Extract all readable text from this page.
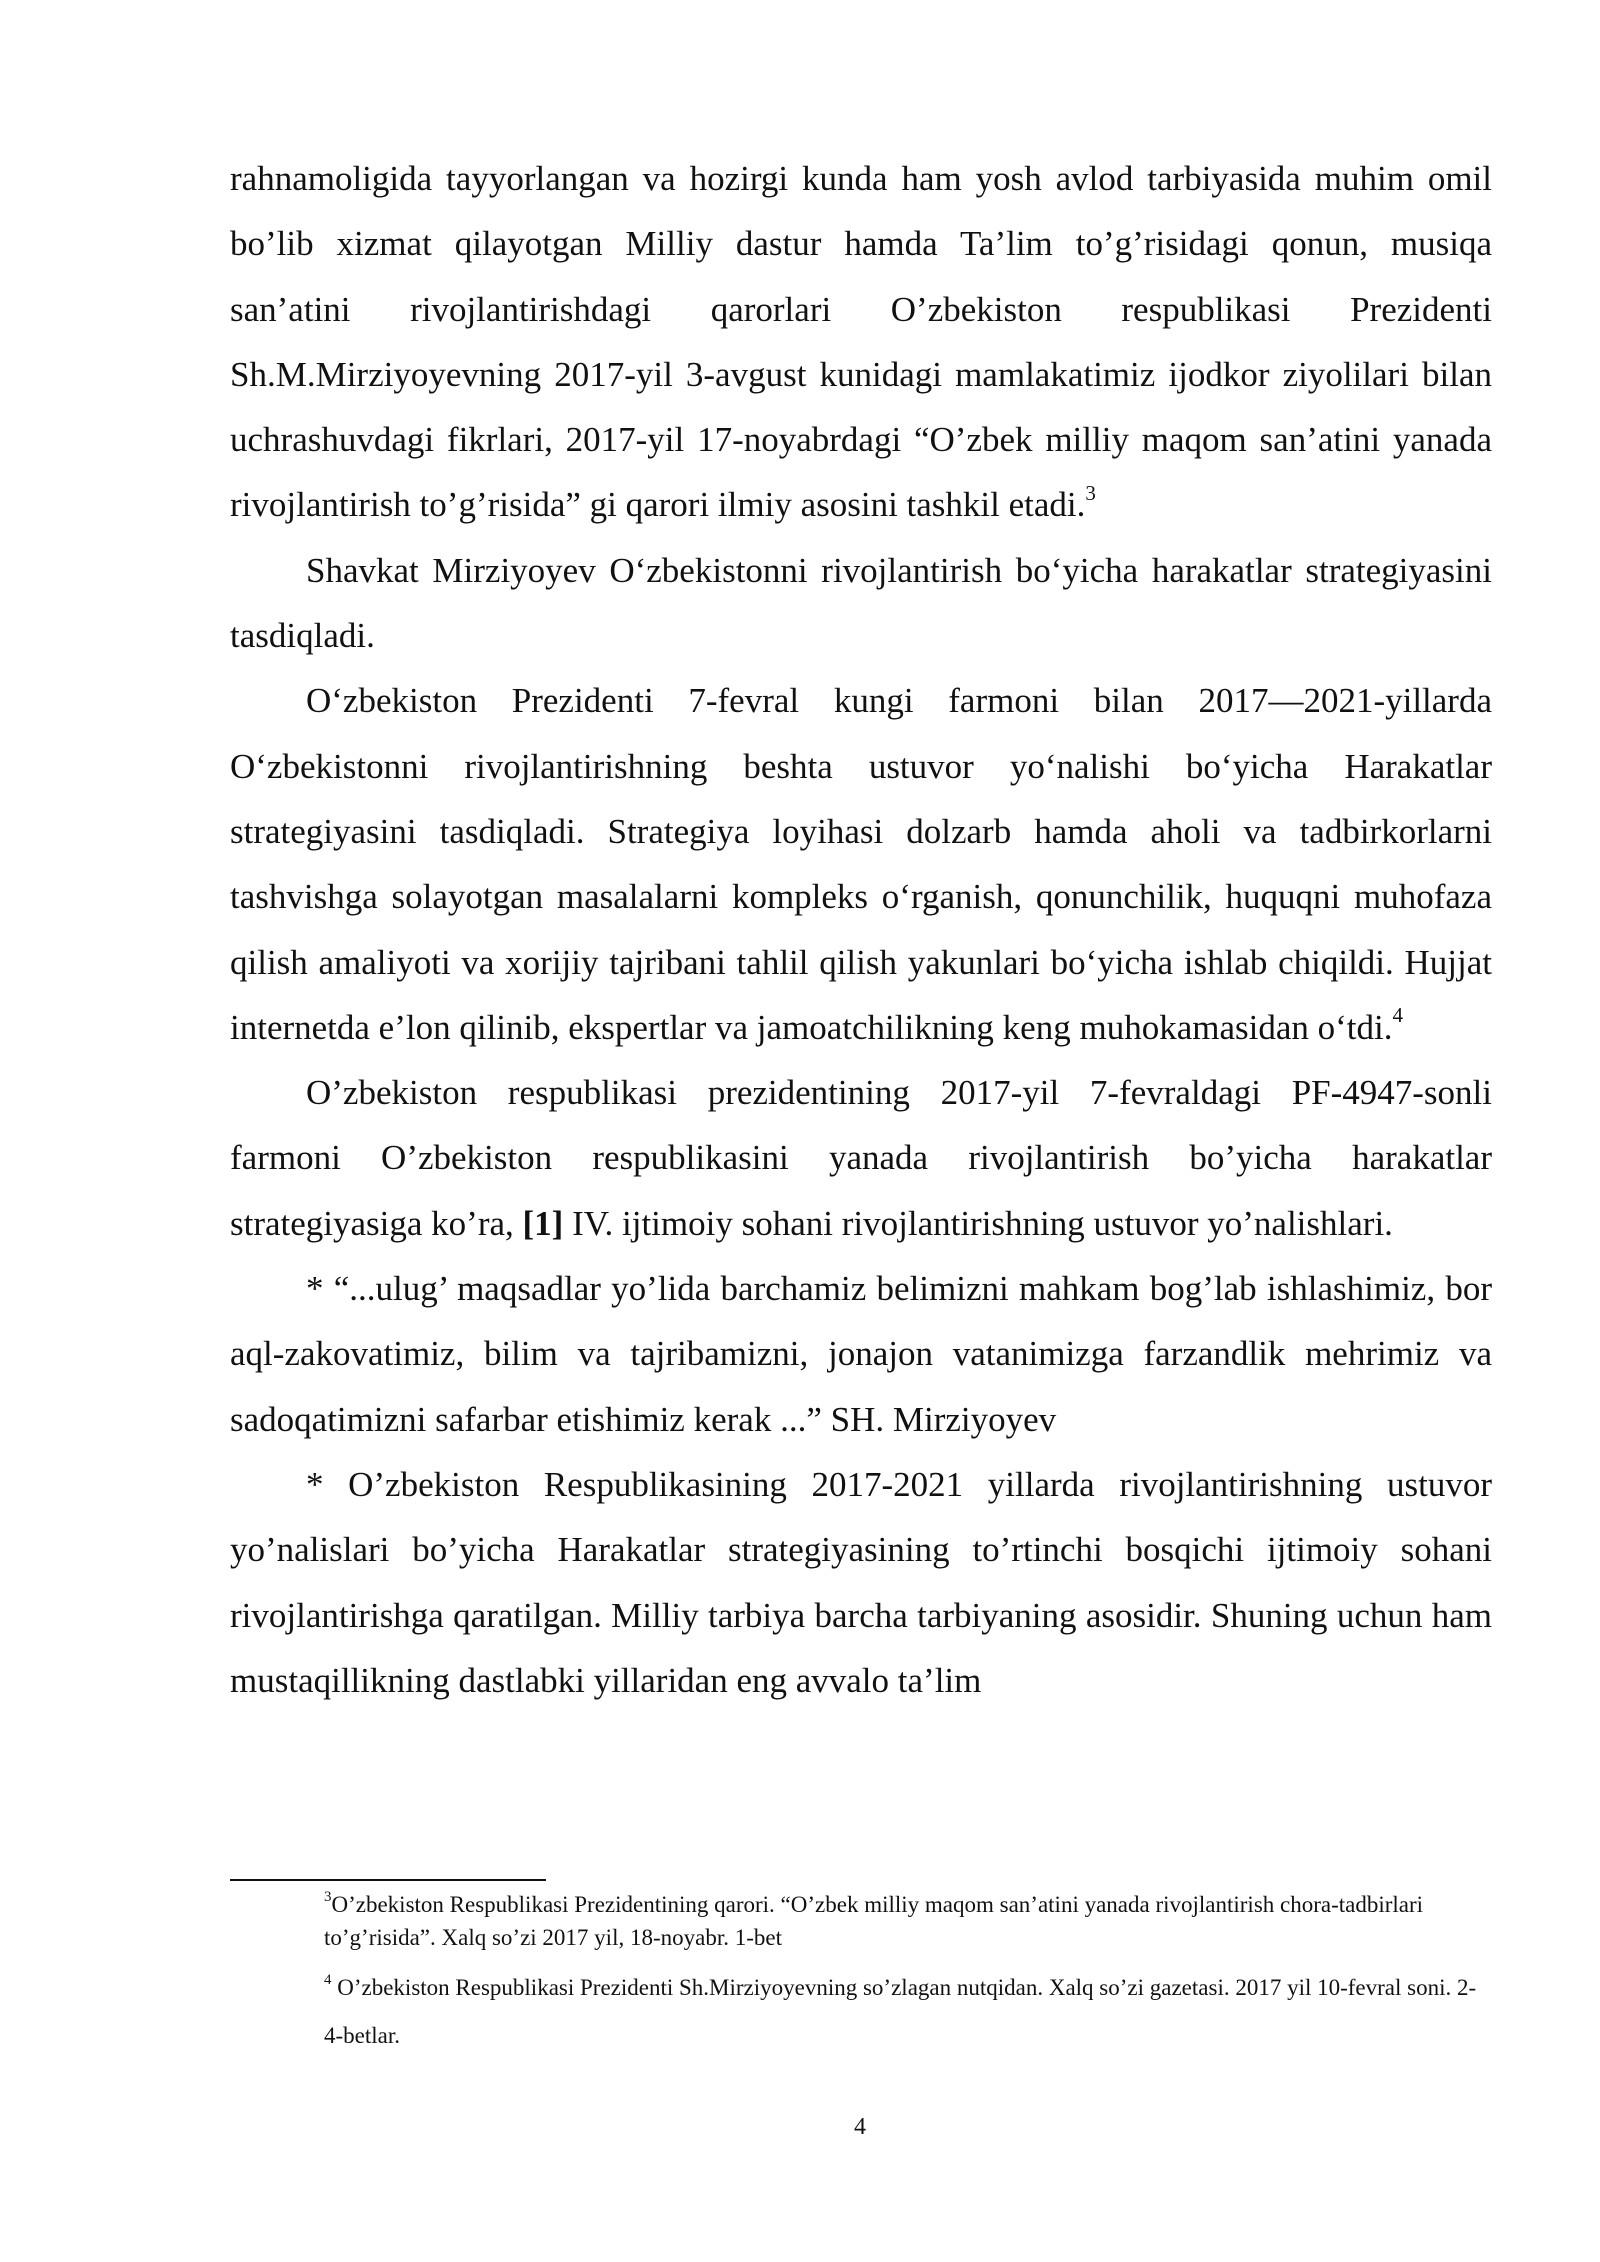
rahnamoligida tayyorlangan va hozirgi kunda ham yosh avlod tarbiyasida muhim omil bo’lib xizmat qilayotgan Milliy dastur hamda Ta’lim to’g’risidagi qonun, musiqa san’atini rivojlantirishdagi qarorlari O’zbekiston respublikasi Prezidenti Sh.M.Mirziyoyevning 2017-yil 3-avgust kunidagi mamlakatimiz ijodkor ziyolilari bilan uchrashuvdagi fikrlari, 2017-yil 17-noyabrdagi “O’zbek milliy maqom san’atini yanada rivojlantirish to’g’risida” gi qarori ilmiy asosini tashkil etadi.$^3$

Shavkat Mirziyoyev O‘zbekistonni rivojlantirish bo‘yicha harakatlar strategiyasini tasdiqladi.

O‘zbekiston Prezidenti 7-fevral kungi farmoni bilan 2017—2021-yillarda O‘zbekistonni rivojlantirishning beshta ustuvor yo‘nalishi bo‘yicha Harakatlar strategiyasini tasdiqladi. Strategiya loyihasi dolzarb hamda aholi va tadbirkorlarni tashvishga solayotgan masalalarni kompleks o‘rganish, qonunchilik, huquqni muhofaza qilish amaliyoti va xorijiy tajribani tahlil qilish yakunlari bo‘yicha ishlab chiqildi. Hujjat internetda e’lon qilinib, ekspertlar va jamoatchilikning keng muhokamasidan o‘tdi.$^4$

O’zbekiston respublikasi prezidentining 2017-yil 7-fevraldagi PF-4947-sonli farmoni O’zbekiston respublikasini yanada rivojlantirish bo’yicha harakatlar strategiyasiga ko’ra, [1] IV. ijtimoiy sohani rivojlantirishning ustuvor yo’nalishlari.

* “...ulug’ maqsadlar yo’lida barchamiz belimizni mahkam bog’lab ishlashimiz, bor aql-zakovatimiz, bilim va tajribamizni, jonajon vatanimizga farzandlik mehrimiz va sadoqatimizni safarbar etishimiz kerak ...” SH. Mirziyoyev

* O’zbekiston Respublikasining 2017-2021 yillarda rivojlantirishning ustuvor yo’nalislari bo’yicha Harakatlar strategiyasining to’rtinchi bosqichi ijtimoiy sohani rivojlantirishga qaratilgan. Milliy tarbiya barcha tarbiyaning asosidir. Shuning uchun ham mustaqillikning dastlabki yillaridan eng avvalo ta’lim

$^3$O’zbekiston Respublikasi Prezidentining qarori. “O’zbek milliy maqom san’atini yanada rivojlantirish chora-tadbirlari to’g’risida”. Xalq so’zi 2017 yil, 18-noyabr. 1-bet

$^4$ O’zbekiston Respublikasi Prezidenti Sh.Mirziyoyevning so’zlagan nutqidan. Xalq so’zi gazetasi. 2017 yil 10-fevral soni. 2-4-betlar.

4
